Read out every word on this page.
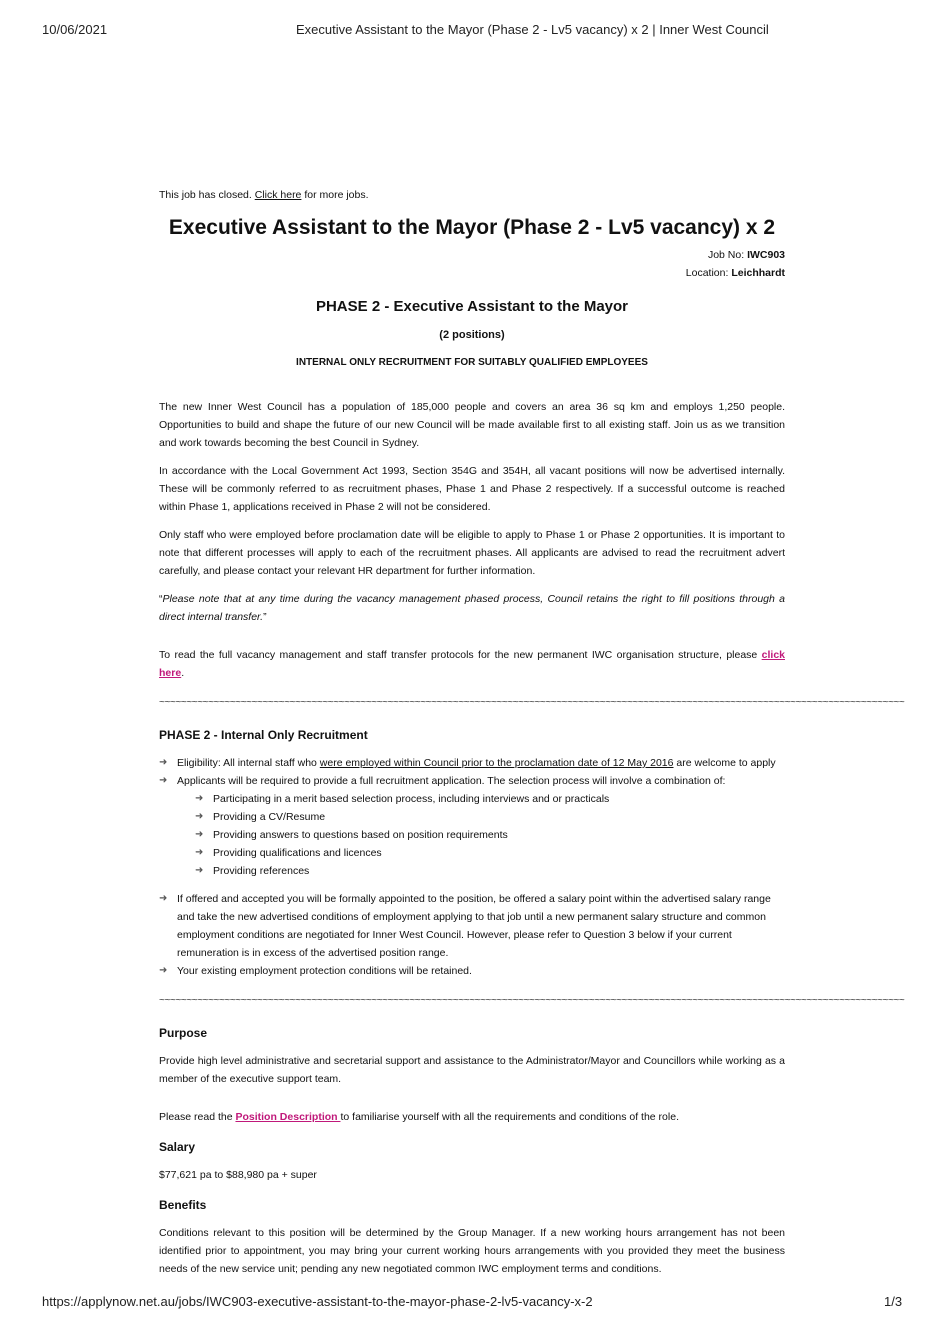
10/06/2021	Executive Assistant to the Mayor (Phase 2 - Lv5 vacancy) x 2 | Inner West Council

This job has closed. Click here for more jobs.

Executive Assistant to the Mayor (Phase 2 - Lv5 vacancy) x 2
Job No: IWC903
Location: Leichhardt
PHASE 2 - Executive Assistant to the Mayor
(2 positions)
INTERNAL ONLY RECRUITMENT FOR SUITABLY QUALIFIED EMPLOYEES

The new Inner West Council has a population of 185,000 people and covers an area 36 sq km and employs 1,250 people. Opportunities to build and shape the future of our new Council will be made available first to all existing staff. Join us as we transition and work towards becoming the best Council in Sydney.

In accordance with the Local Government Act 1993, Section 354G and 354H, all vacant positions will now be advertised internally. These will be commonly referred to as recruitment phases, Phase 1 and Phase 2 respectively. If a successful outcome is reached within Phase 1, applications received in Phase 2 will not be considered.

Only staff who were employed before proclamation date will be eligible to apply to Phase 1 or Phase 2 opportunities. It is important to note that different processes will apply to each of the recruitment phases. All applicants are advised to read the recruitment advert carefully, and please contact your relevant HR department for further information.

“Please note that at any time during the vacancy management phased process, Council retains the right to fill positions through a direct internal transfer.”

To read the full vacancy management and staff transfer protocols for the new permanent IWC organisation structure, please click here.

~~~~~~~~~~~~~~~~~~~~~~~~~~~~~~~~~~~~~~~~~~~~~~~~~~~~~~~~~~~~~~~~~~~~~~~~~~~~~~~~~~~~~~~~~~~~~~~~~~~~~~~~~~~~~~~~~~~~~~~~~~~~~~~~~~~~~~~~~
PHASE 2 - Internal Only Recruitment
➜ Eligibility: All internal staff who were employed within Council prior to the proclamation date of 12 May 2016 are welcome to apply
➜ Applicants will be required to provide a full recruitment application. The selection process will involve a combination of:
➜ Participating in a merit based selection process, including interviews and or practicals
➜ Providing a CV/Resume
➜ Providing answers to questions based on position requirements
➜ Providing qualifications and licences
➜ Providing references
➜ If offered and accepted you will be formally appointed to the position, be offered a salary point within the advertised salary range and take the new advertised conditions of employment applying to that job until a new permanent salary structure and common employment conditions are negotiated for Inner West Council. However, please refer to Question 3 below if your current remuneration is in excess of the advertised position range.
➜ Your existing employment protection conditions will be retained.
~~~~~~~~~~~~~~~~~~~~~~~~~~~~~~~~~~~~~~~~~~~~~~~~~~~~~~~~~~~~~~~~~~~~~~~~~~~~~~~~~~~~~~~~~~~~~~~~~~~~~~~~~~~~~~~~~~~~~~~~~~~~~~~~~~~~~~~~~
Purpose

Provide high level administrative and secretarial support and assistance to the Administrator/Mayor and Councillors while working as a member of the executive support team.

Please read the Position Description to familiarise yourself with all the requirements and conditions of the role.

Salary

$77,621 pa to $88,980 pa + super

Benefits

Conditions relevant to this position will be determined by the Group Manager. If a new working hours arrangement has not been identified prior to appointment, you may bring your current working hours arrangements with you provided they meet the business needs of the new service unit; pending any new negotiated common IWC employment terms and conditions.

https://applynow.net.au/jobs/IWC903-executive-assistant-to-the-mayor-phase-2-lv5-vacancy-x-2	1/3
